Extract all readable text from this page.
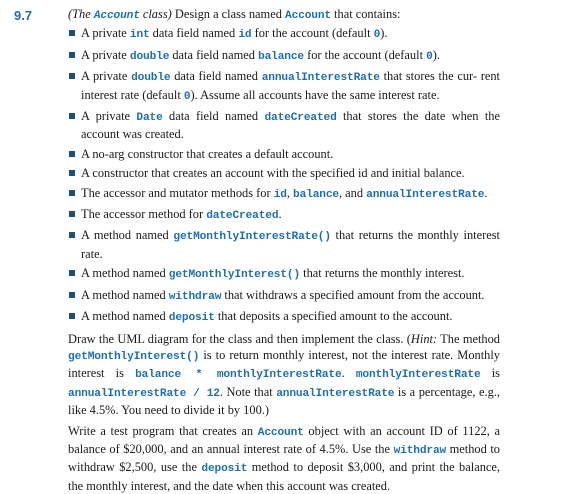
9.7	(The Account class) Design a class named Account that contains:
A private int data field named id for the account (default 0).
A private double data field named balance for the account (default 0).
A private double data field named annualInterestRate that stores the cur- rent interest rate (default 0). Assume all accounts have the same interest rate.
A private Date data field named dateCreated that stores the date when the account was created.
A no-arg constructor that creates a default account.
A constructor that creates an account with the specified id and initial balance.
The accessor and mutator methods for id, balance, and annualInterestRate.
The accessor method for dateCreated.
A method named getMonthlyInterestRate() that returns the monthly interest rate.
A method named getMonthlyInterest() that returns the monthly interest.
A method named withdraw that withdraws a specified amount from the account.
A method named deposit that deposits a specified amount to the account.

Draw the UML diagram for the class and then implement the class. (Hint: The method getMonthlyInterest() is to return monthly interest, not the interest rate. Monthly interest is balance * monthlyInterestRate. monthlyInterestRate is annualInterestRate / 12. Note that annualInterestRate is a percentage, e.g., like 4.5%. You need to divide it by 100.)

Write a test program that creates an Account object with an account ID of 1122, a balance of $20,000, and an annual interest rate of 4.5%. Use the withdraw method to withdraw $2,500, use the deposit method to deposit $3,000, and print the balance, the monthly interest, and the date when this account was created.
